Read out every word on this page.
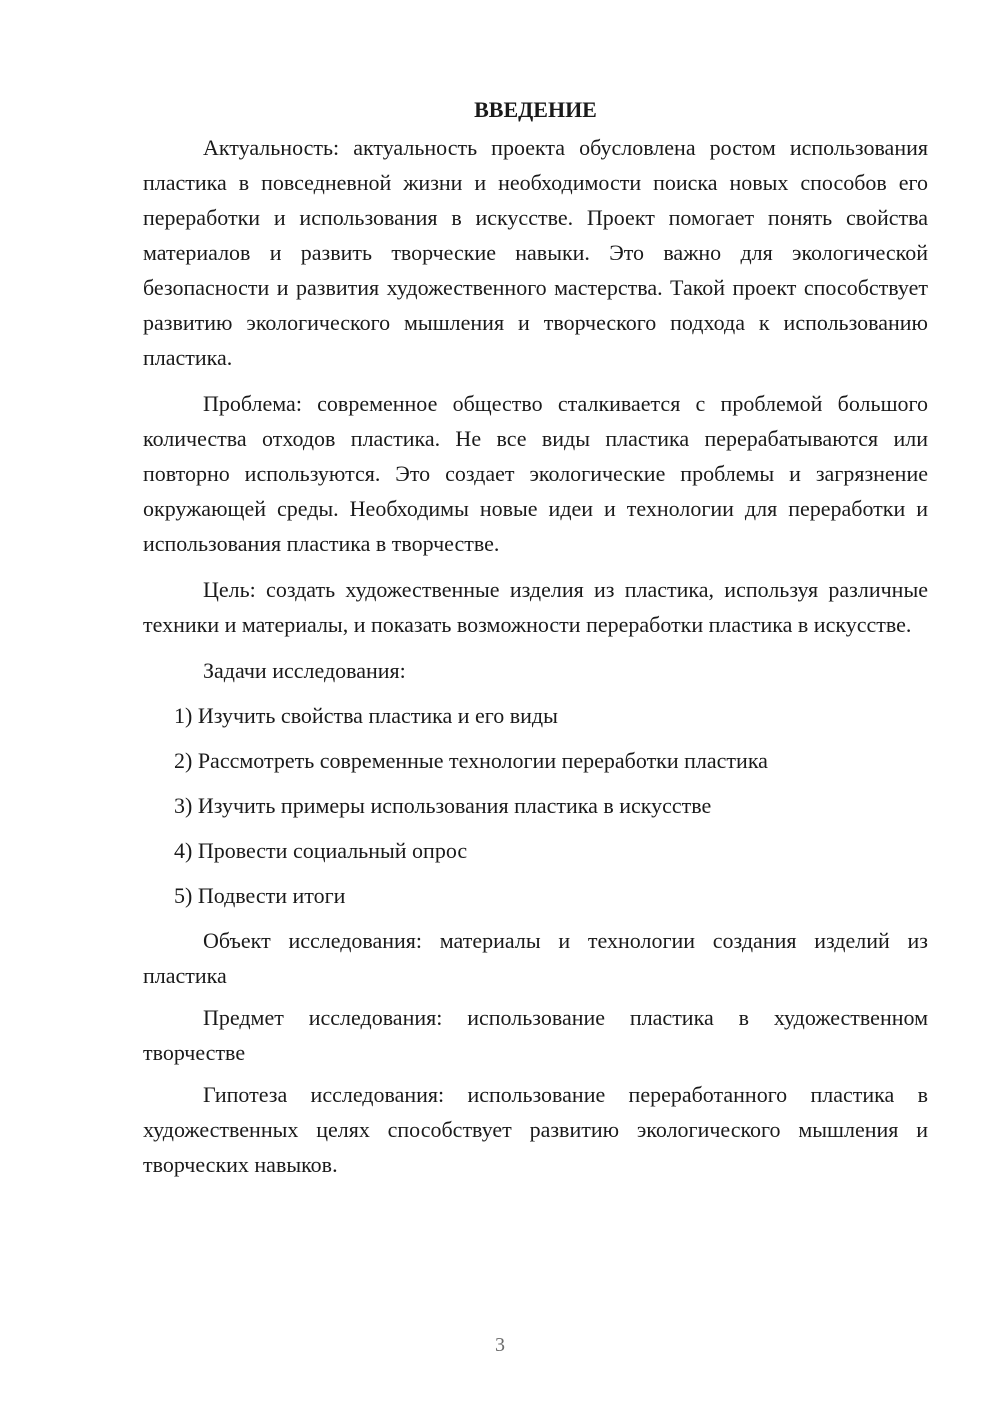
ВВЕДЕНИЕ

Актуальность: актуальность проекта обусловлена ростом использования пластика в повседневной жизни и необходимости поиска новых способов его переработки и использования в искусстве. Проект помогает понять свойства материалов и развить творческие навыки. Это важно для экологической безопасности и развития художественного мастерства. Такой проект способствует развитию экологического мышления и творческого подхода к использованию пластика.

Проблема: современное общество сталкивается с проблемой большого количества отходов пластика. Не все виды пластика перерабатываются или повторно используются. Это создает экологические проблемы и загрязнение окружающей среды. Необходимы новые идеи и технологии для переработки и использования пластика в творчестве.

Цель: создать художественные изделия из пластика, используя различные техники и материалы, и показать возможности переработки пластика в искусстве.

Задачи исследования:
1) Изучить свойства пластика и его виды
2) Рассмотреть современные технологии переработки пластика
3) Изучить примеры использования пластика в искусстве
4) Провести социальный опрос
5) Подвести итоги

Объект исследования: материалы и технологии создания изделий из пластика

Предмет исследования: использование пластика в художественном творчестве

Гипотеза исследования: использование переработанного пластика в художественных целях способствует развитию экологического мышления и творческих навыков.

3
